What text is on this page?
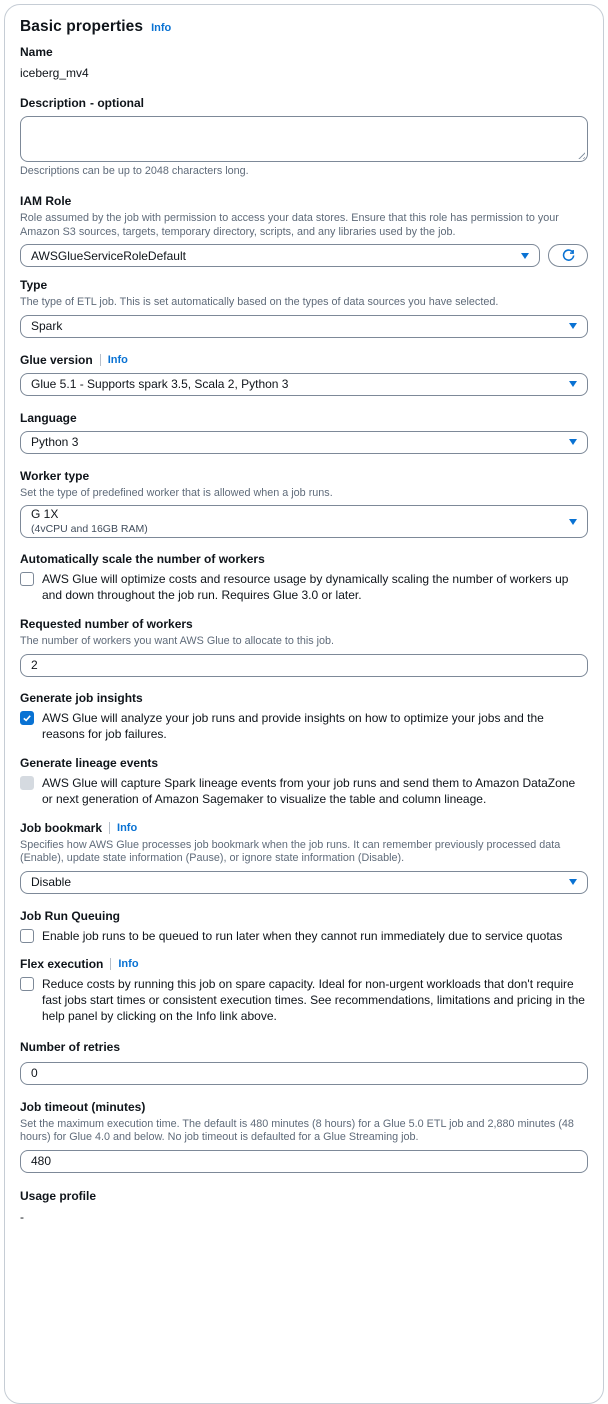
Basic properties Info
Name
iceberg_mv4
Description - optional
Descriptions can be up to 2048 characters long.
IAM Role
Role assumed by the job with permission to access your data stores. Ensure that this role has permission to your Amazon S3 sources, targets, temporary directory, scripts, and any libraries used by the job.
AWSGlueServiceRoleDefault
Type
The type of ETL job. This is set automatically based on the types of data sources you have selected.
Spark
Glue version Info
Glue 5.1 - Supports spark 3.5, Scala 2, Python 3
Language
Python 3
Worker type
Set the type of predefined worker that is allowed when a job runs.
G 1X
(4vCPU and 16GB RAM)
Automatically scale the number of workers
AWS Glue will optimize costs and resource usage by dynamically scaling the number of workers up and down throughout the job run. Requires Glue 3.0 or later.
Requested number of workers
The number of workers you want AWS Glue to allocate to this job.
2
Generate job insights
AWS Glue will analyze your job runs and provide insights on how to optimize your jobs and the reasons for job failures.
Generate lineage events
AWS Glue will capture Spark lineage events from your job runs and send them to Amazon DataZone or next generation of Amazon Sagemaker to visualize the table and column lineage.
Job bookmark Info
Specifies how AWS Glue processes job bookmark when the job runs. It can remember previously processed data (Enable), update state information (Pause), or ignore state information (Disable).
Disable
Job Run Queuing
Enable job runs to be queued to run later when they cannot run immediately due to service quotas
Flex execution Info
Reduce costs by running this job on spare capacity. Ideal for non-urgent workloads that don't require fast jobs start times or consistent execution times. See recommendations, limitations and pricing in the help panel by clicking on the Info link above.
Number of retries
0
Job timeout (minutes)
Set the maximum execution time. The default is 480 minutes (8 hours) for a Glue 5.0 ETL job and 2,880 minutes (48 hours) for Glue 4.0 and below. No job timeout is defaulted for a Glue Streaming job.
480
Usage profile
-
